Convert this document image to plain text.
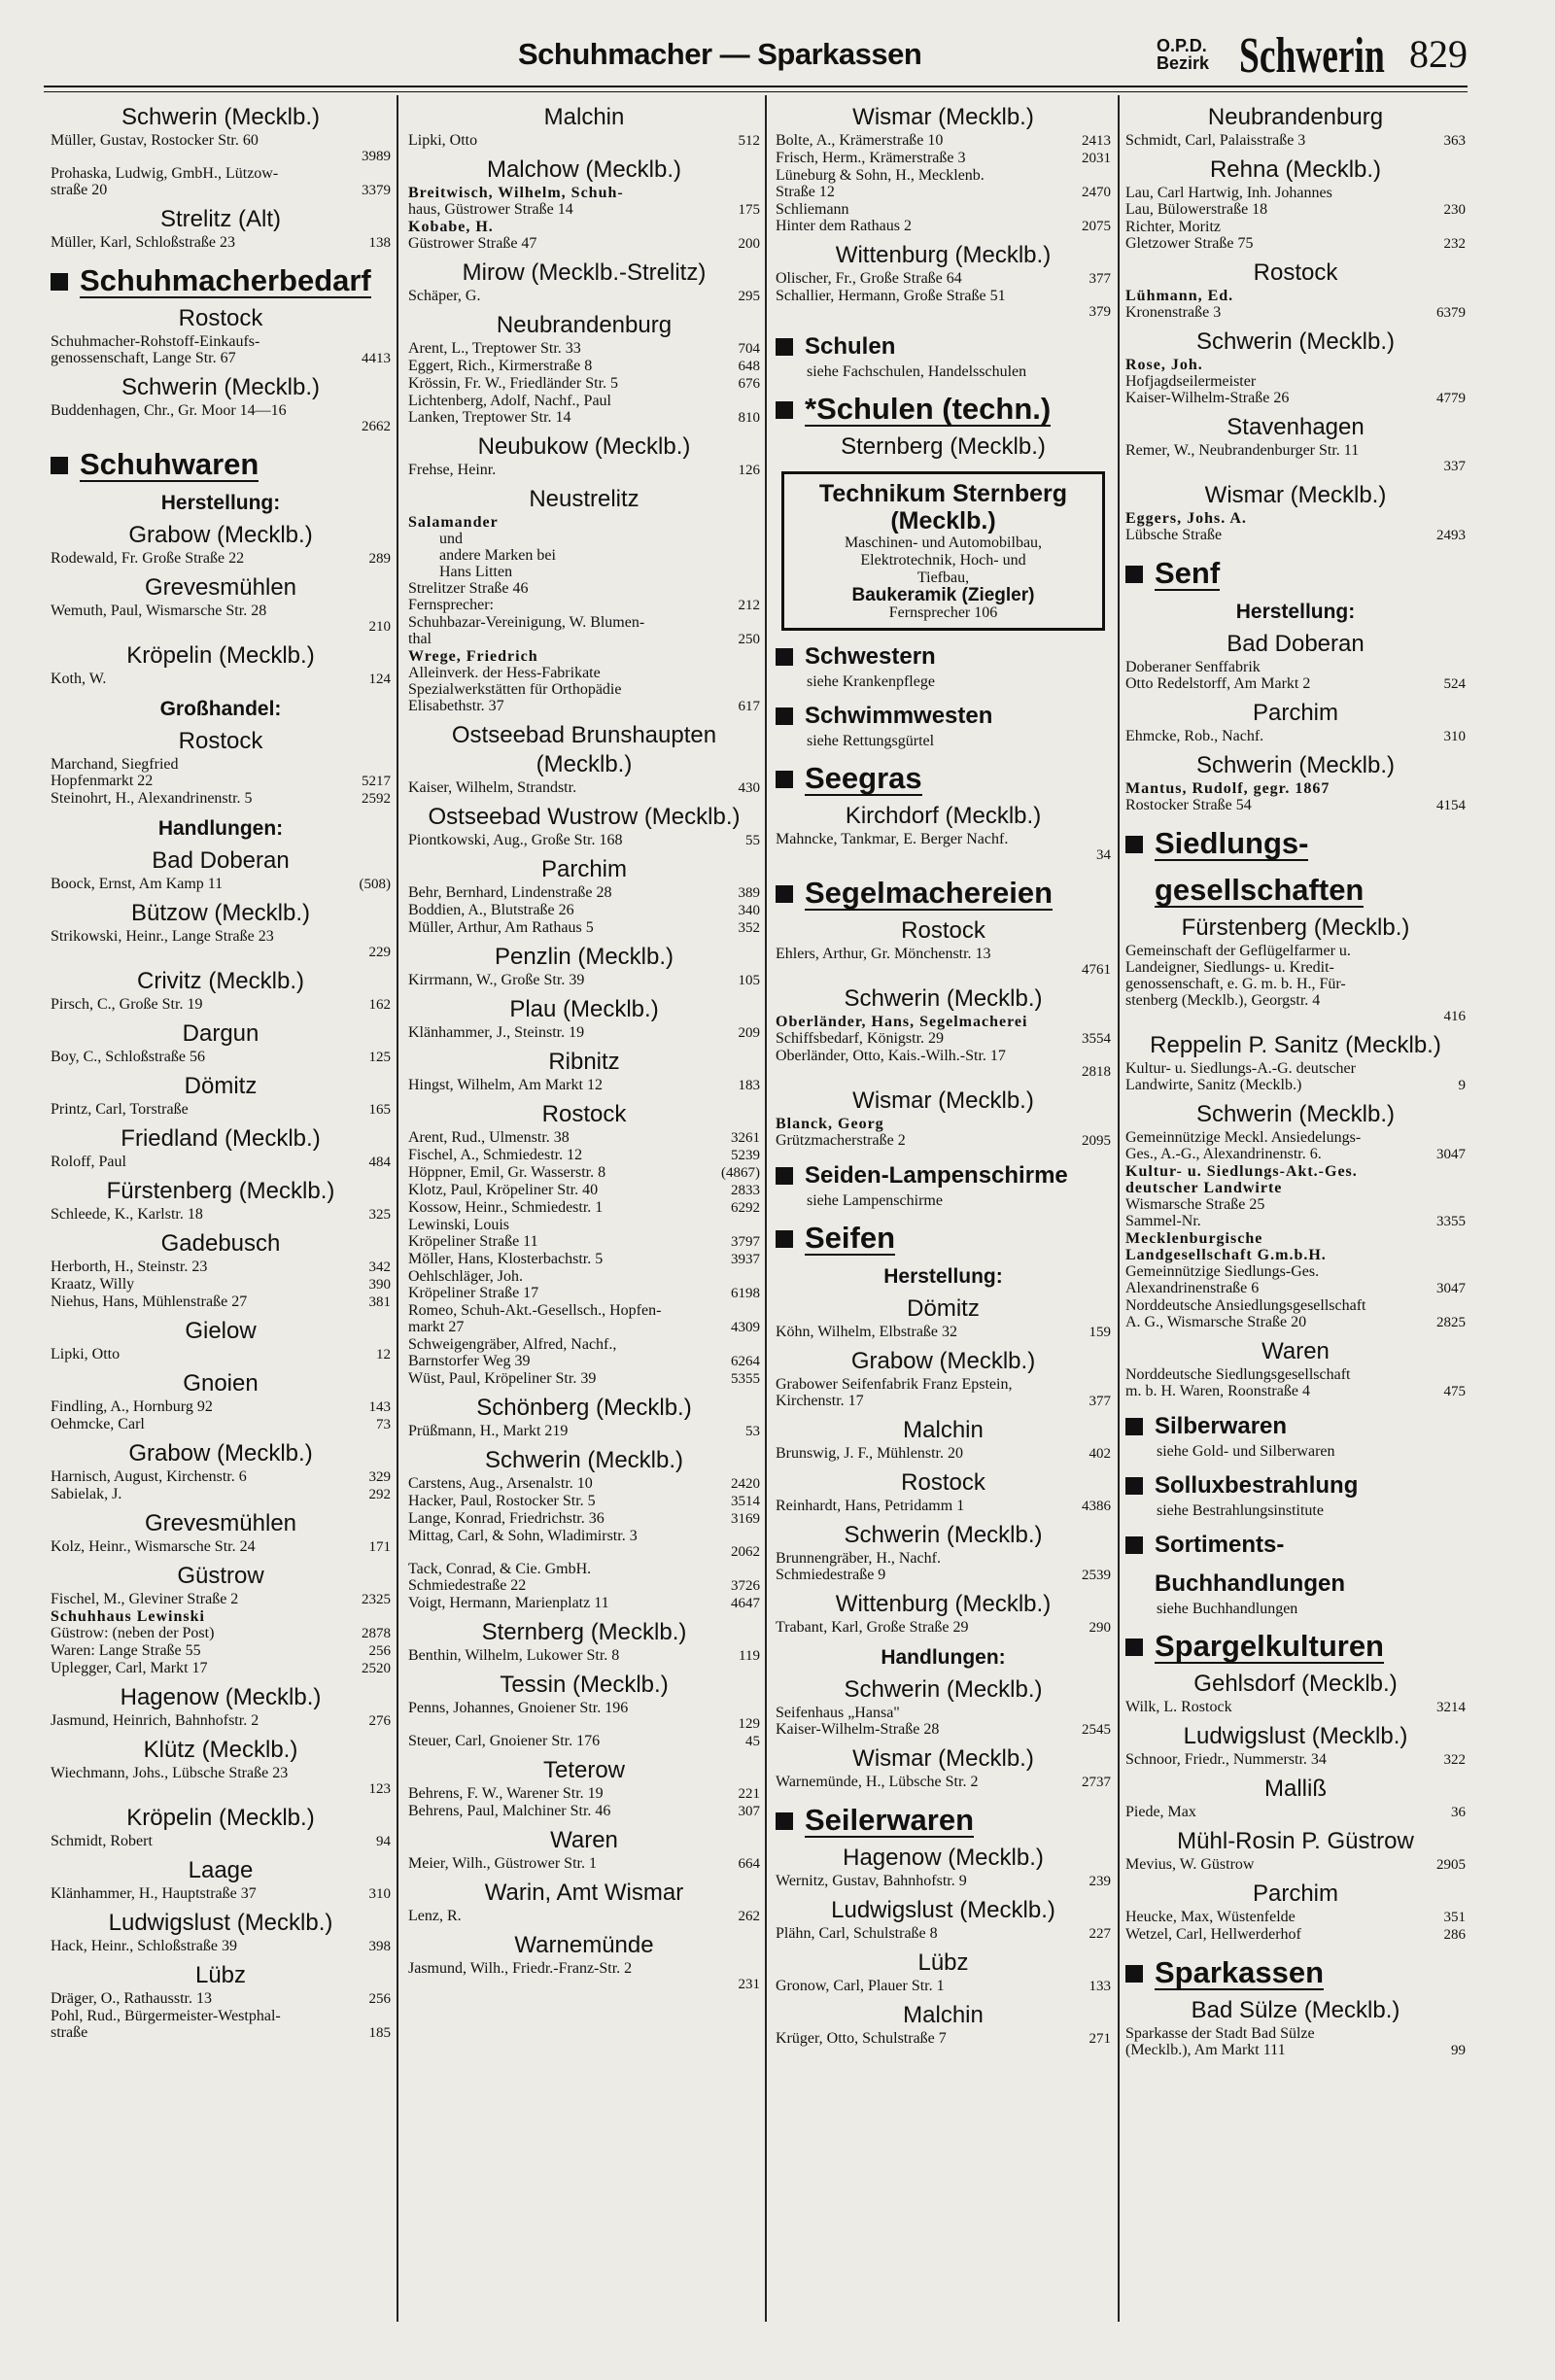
Schuhmacher — Sparkassen	O.P.D.
Bezirk Schwerin 829
Schwerin (Mecklb.)
Müller, Gustav, Rostocker Str. 60
3989
Prohaska, Ludwig, GmbH., Lützow-
straße 20	3379
Strelitz (Alt)
Müller, Karl, Schloßstraße 23	138
Schuhmacherbedarf
Rostock
Schuhmacher-Rohstoff-Einkaufs-
genossenschaft, Lange Str. 67	4413
Schwerin (Mecklb.)
Buddenhagen, Chr., Gr. Moor 14—16
2662
Schuhwaren
Herstellung:
Grabow (Mecklb.)
Rodewald, Fr. Große Straße 22	289
Grevesmühlen
Wemuth, Paul, Wismarsche Str. 28
210
Kröpelin (Mecklb.)
Koth, W.	124
Großhandel:
Rostock
Marchand, Siegfried
Hopfenmarkt 22	5217
Steinohrt, H., Alexandrinenstr. 5	2592
Handlungen:
Bad Doberan
Boock, Ernst, Am Kamp 11	(508)
Bützow (Mecklb.)
Strikowski, Heinr., Lange Straße 23
229
Crivitz (Mecklb.)
Pirsch, C., Große Str. 19	162
Dargun
Boy, C., Schloßstraße 56	125
Dömitz
Printz, Carl, Torstraße	165
Friedland (Mecklb.)
Roloff, Paul	484
Fürstenberg (Mecklb.)
Schleede, K., Karlstr. 18	325
Gadebusch
Herborth, H., Steinstr. 23	342
Kraatz, Willy	390
Niehus, Hans, Mühlenstraße 27	381
Gielow
Lipki, Otto	12
Gnoien
Findling, A., Hornburg 92	143
Oehmcke, Carl	73
Grabow (Mecklb.)
Harnisch, August, Kirchenstr. 6	329
Sabielak, J.	292
Grevesmühlen
Kolz, Heinr., Wismarsche Str. 24	171
Güstrow
Fischel, M., Gleviner Straße 2	2325
Schuhhaus Lewinski
Güstrow: (neben der Post)	2878
Waren: Lange Straße 55	256
Uplegger, Carl, Markt 17	2520
Hagenow (Mecklb.)
Jasmund, Heinrich, Bahnhofstr. 2	276
Klütz (Mecklb.)
Wiechmann, Johs., Lübsche Straße 23
123
Kröpelin (Mecklb.)
Schmidt, Robert	94
Laage
Klänhammer, H., Hauptstraße 37	310
Ludwigslust (Mecklb.)
Hack, Heinr., Schloßstraße 39	398
Lübz
Dräger, O., Rathausstr. 13	256
Pohl, Rud., Bürgermeister-Westphal-
straße	185
Malchin
Lipki, Otto	512
Malchow (Mecklb.)
Breitwisch, Wilhelm, Schuh-
haus, Güstrower Straße 14	175
Kobabe, H.
Güstrower Straße 47	200
Mirow (Mecklb.-Strelitz)
Schäper, G.	295
Neubrandenburg
Arent, L., Treptower Str. 33	704
Eggert, Rich., Kirmerstraße 8	648
Krössin, Fr. W., Friedländer Str. 5	676
Lichtenberg, Adolf, Nachf., Paul
Lanken, Treptower Str. 14	810
Neubukow (Mecklb.)
Frehse, Heinr.	126
Neustrelitz
Salamander
und
andere Marken bei
Hans Litten
Strelitzer Straße 46
Fernsprecher:	212
Schuhbazar-Vereinigung, W. Blumen-
thal	250
Wrege, Friedrich
Alleinverk. der Hess-Fabrikate
Spezialwerkstätten für Orthopädie
Elisabethstr. 37	617
Ostseebad Brunshaupten (Mecklb.)
Kaiser, Wilhelm, Strandstr.	430
Ostseebad Wustrow (Mecklb.)
Piontkowski, Aug., Große Str. 168	55
Parchim
Behr, Bernhard, Lindenstraße 28	389
Boddien, A., Blutstraße 26	340
Müller, Arthur, Am Rathaus 5	352
Penzlin (Mecklb.)
Kirrmann, W., Große Str. 39	105
Plau (Mecklb.)
Klänhammer, J., Steinstr. 19	209
Ribnitz
Hingst, Wilhelm, Am Markt 12	183
Rostock
Arent, Rud., Ulmenstr. 38	3261
Fischel, A., Schmiedestr. 12	5239
Höppner, Emil, Gr. Wasserstr. 8	(4867)
Klotz, Paul, Kröpeliner Str. 40	2833
Kossow, Heinr., Schmiedestr. 1	6292
Lewinski, Louis
Kröpeliner Straße 11	3797
Möller, Hans, Klosterbachstr. 5	3937
Oehlschläger, Joh.
Kröpeliner Straße 17	6198
Romeo, Schuh-Akt.-Gesellsch., Hopfen-
markt 27	4309
Schweigengräber, Alfred, Nachf.,
Barnstorfer Weg 39	6264
Wüst, Paul, Kröpeliner Str. 39	5355
Schönberg (Mecklb.)
Prüßmann, H., Markt 219	53
Schwerin (Mecklb.)
Carstens, Aug., Arsenalstr. 10	2420
Hacker, Paul, Rostocker Str. 5	3514
Lange, Konrad, Friedrichstr. 36	3169
Mittag, Carl, & Sohn, Wladimirstr. 3
2062
Tack, Conrad, & Cie. GmbH.
Schmiedestraße 22	3726
Voigt, Hermann, Marienplatz 11	4647
Sternberg (Mecklb.)
Benthin, Wilhelm, Lukower Str. 8	119
Tessin (Mecklb.)
Penns, Johannes, Gnoiener Str. 196
129
Steuer, Carl, Gnoiener Str. 176	45
Teterow
Behrens, F. W., Warener Str. 19	221
Behrens, Paul, Malchiner Str. 46	307
Waren
Meier, Wilh., Güstrower Str. 1	664
Warin, Amt Wismar
Lenz, R.	262
Warnemünde
Jasmund, Wilh., Friedr.-Franz-Str. 2
231
Wismar (Mecklb.)
Bolte, A., Krämerstraße 10	2413
Frisch, Herm., Krämerstraße 3	2031
Lüneburg & Sohn, H., Mecklenb.
Straße 12	2470
Schliemann
Hinter dem Rathaus 2	2075
Wittenburg (Mecklb.)
Olischer, Fr., Große Straße 64	377
Schallier, Hermann, Große Straße 51
379
Schulen
siehe Fachschulen, Handelsschulen
*Schulen (techn.)
Sternberg (Mecklb.)
Technikum Sternberg
(Mecklb.)
Maschinen- und Automobilbau,
Elektrotechnik, Hoch- und
Tiefbau,
Baukeramik (Ziegler)
Fernsprecher 106
Schwestern
siehe Krankenpflege
Schwimmwesten
siehe Rettungsgürtel
Seegras
Kirchdorf (Mecklb.)
Mahncke, Tankmar, E. Berger Nachf.
34
Segelmachereien
Rostock
Ehlers, Arthur, Gr. Mönchenstr. 13
4761
Schwerin (Mecklb.)
Oberländer, Hans, Segelmacherei
Schiffsbedarf, Königstr. 29	3554
Oberländer, Otto, Kais.-Wilh.-Str. 17
2818
Wismar (Mecklb.)
Blanck, Georg
Grützmacherstraße 2	2095
Seiden-Lampenschirme
siehe Lampenschirme
Seifen
Herstellung:
Dömitz
Köhn, Wilhelm, Elbstraße 32	159
Grabow (Mecklb.)
Grabower Seifenfabrik Franz Epstein,
Kirchenstr. 17	377
Malchin
Brunswig, J. F., Mühlenstr. 20	402
Rostock
Reinhardt, Hans, Petridamm 1	4386
Schwerin (Mecklb.)
Brunnengräber, H., Nachf.
Schmiedestraße 9	2539
Wittenburg (Mecklb.)
Trabant, Karl, Große Straße 29	290
Handlungen:
Schwerin (Mecklb.)
Seifenhaus „Hansa"
Kaiser-Wilhelm-Straße 28	2545
Wismar (Mecklb.)
Warnemünde, H., Lübsche Str. 2	2737
Seilerwaren
Hagenow (Mecklb.)
Wernitz, Gustav, Bahnhofstr. 9	239
Ludwigslust (Mecklb.)
Plähn, Carl, Schulstraße 8	227
Lübz
Gronow, Carl, Plauer Str. 1	133
Malchin
Krüger, Otto, Schulstraße 7	271
Neubrandenburg
Schmidt, Carl, Palaisstraße 3	363
Rehna (Mecklb.)
Lau, Carl Hartwig, Inh. Johannes
Lau, Bülowerstraße 18	230
Richter, Moritz
Gletzower Straße 75	232
Rostock
Lühmann, Ed.
Kronenstraße 3	6379
Schwerin (Mecklb.)
Rose, Joh.
Hofjagdseilermeister
Kaiser-Wilhelm-Straße 26	4779
Stavenhagen
Remer, W., Neubrandenburger Str. 11
337
Wismar (Mecklb.)
Eggers, Johs. A.
Lübsche Straße	2493
Senf
Herstellung:
Bad Doberan
Doberaner Senffabrik
Otto Redelstorff, Am Markt 2	524
Parchim
Ehmcke, Rob., Nachf.	310
Schwerin (Mecklb.)
Mantus, Rudolf, gegr. 1867
Rostocker Straße 54	4154
Siedlungs-
gesellschaften
Fürstenberg (Mecklb.)
Gemeinschaft der Geflügelfarmer u.
Landeigner, Siedlungs- u. Kredit-
genossenschaft, e. G. m. b. H., Für-
stenberg (Mecklb.), Georgstr. 4
416
Reppelin P. Sanitz (Mecklb.)
Kultur- u. Siedlungs-A.-G. deutscher
Landwirte, Sanitz (Mecklb.)	9
Schwerin (Mecklb.)
Gemeinnützige Meckl. Ansiedelungs-
Ges., A.-G., Alexandrinenstr. 6.	3047
Kultur- u. Siedlungs-Akt.-Ges.
deutscher Landwirte
Wismarsche Straße 25
Sammel-Nr.	3355
Mecklenburgische
Landgesellschaft G.m.b.H.
Gemeinnützige Siedlungs-Ges.
Alexandrinenstraße 6	3047
Norddeutsche Ansiedlungsgesellschaft
A. G., Wismarsche Straße 20	2825
Waren
Norddeutsche Siedlungsgesellschaft
m. b. H. Waren, Roonstraße 4	475
Silberwaren
siehe Gold- und Silberwaren
Solluxbestrahlung
siehe Bestrahlungsinstitute
Sortiments-
Buchhandlungen
siehe Buchhandlungen
Spargelkulturen
Gehlsdorf (Mecklb.)
Wilk, L. Rostock	3214
Ludwigslust (Mecklb.)
Schnoor, Friedr., Nummerstr. 34	322
Malliß
Piede, Max	36
Mühl-Rosin P. Güstrow
Mevius, W. Güstrow	2905
Parchim
Heucke, Max, Wüstenfelde	351
Wetzel, Carl, Hellwerderhof	286
Sparkassen
Bad Sülze (Mecklb.)
Sparkasse der Stadt Bad Sülze
(Mecklb.), Am Markt 111	99
